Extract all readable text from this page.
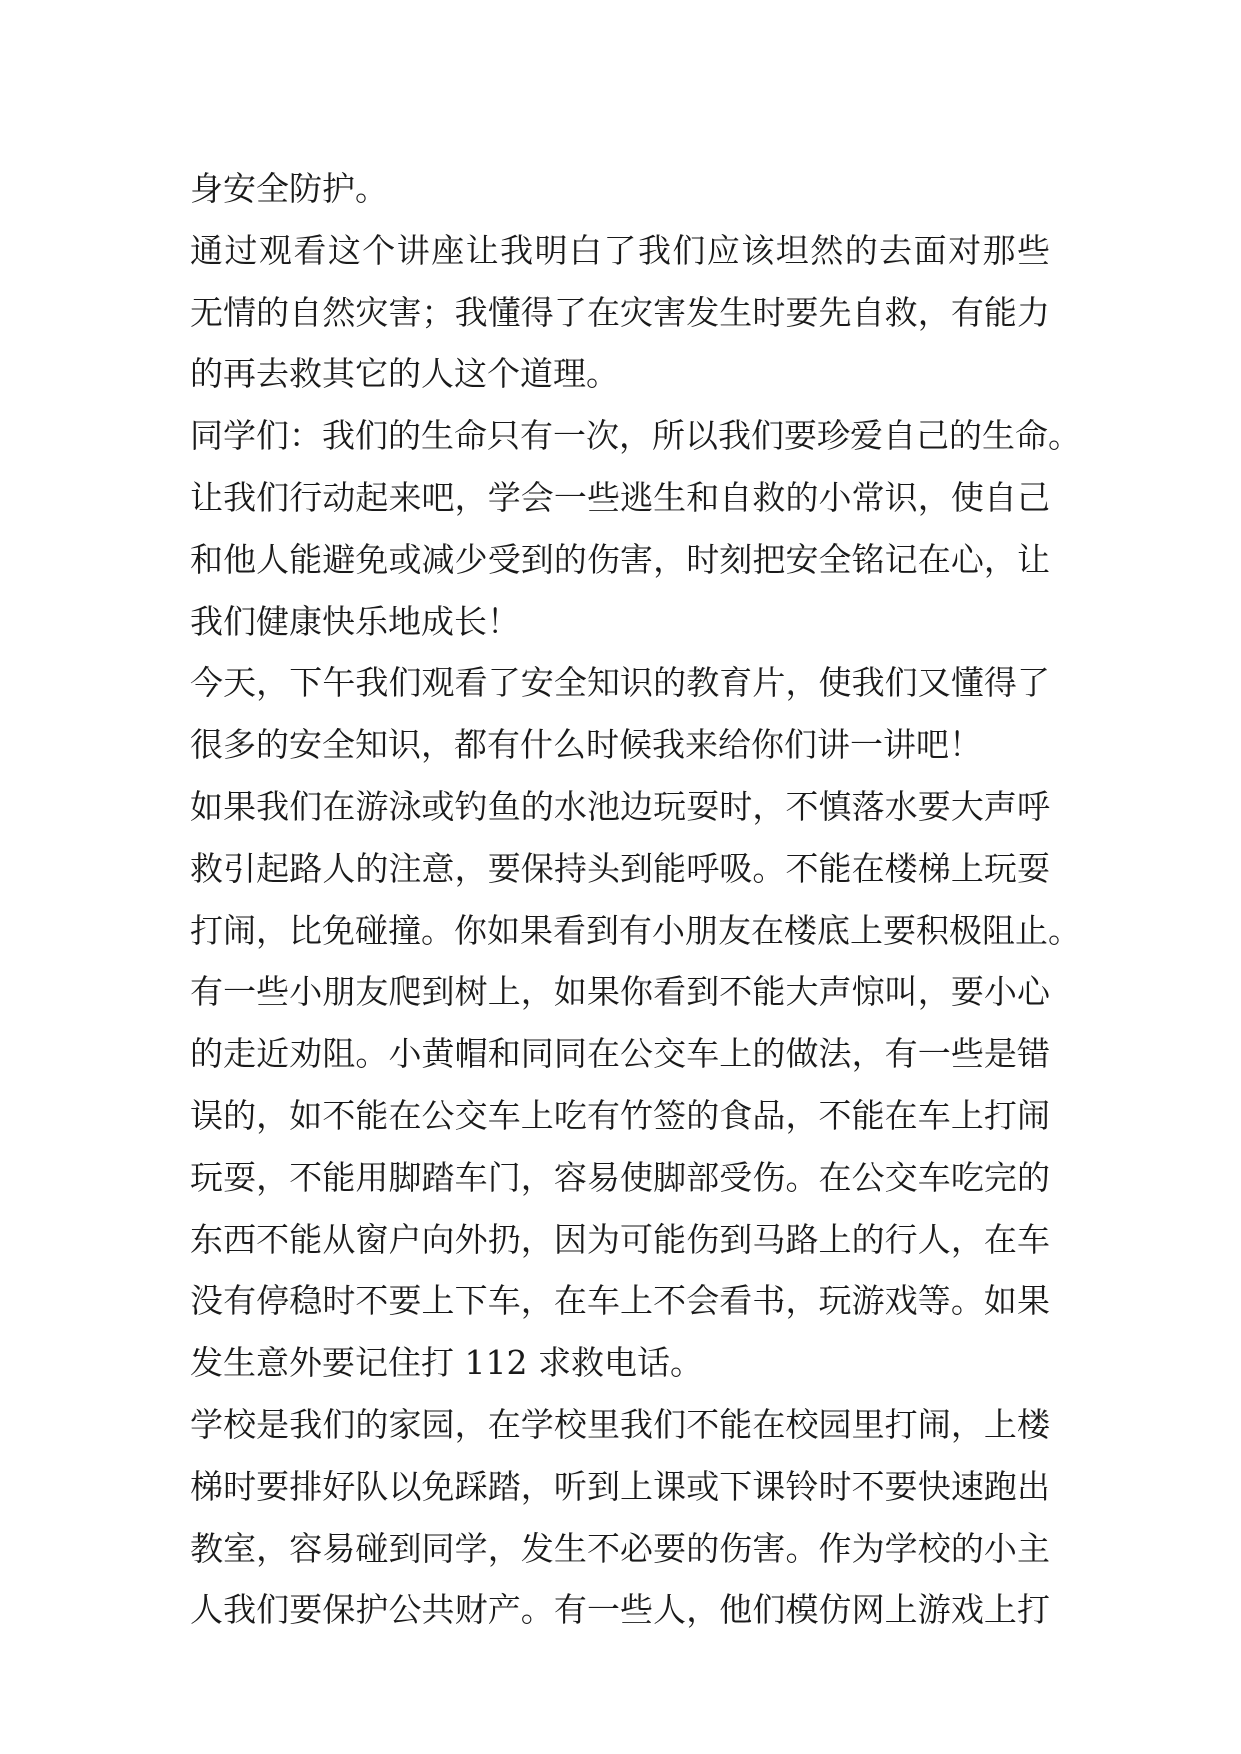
身安全防护。
通过观看这个讲座让我明白了我们应该坦然的去面对那些
无情的自然灾害；我懂得了在灾害发生时要先自救，有能力
的再去救其它的人这个道理。
同学们：我们的生命只有一次，所以我们要珍爱自己的生命。
让我们行动起来吧，学会一些逃生和自救的小常识，使自己
和他人能避免或减少受到的伤害，时刻把安全铭记在心，让
我们健康快乐地成长！
今天，下午我们观看了安全知识的教育片，使我们又懂得了
很多的安全知识，都有什么时候我来给你们讲一讲吧！
如果我们在游泳或钓鱼的水池边玩耍时，不慎落水要大声呼
救引起路人的注意，要保持头到能呼吸。不能在楼梯上玩耍
打闹，比免碰撞。你如果看到有小朋友在楼底上要积极阻止。
有一些小朋友爬到树上，如果你看到不能大声惊叫，要小心
的走近劝阻。小黄帽和同同在公交车上的做法，有一些是错
误的，如不能在公交车上吃有竹签的食品，不能在车上打闹
玩耍，不能用脚踏车门，容易使脚部受伤。在公交车吃完的
东西不能从窗户向外扔，因为可能伤到马路上的行人，在车
没有停稳时不要上下车，在车上不会看书，玩游戏等。如果
发生意外要记住打 112 求救电话。
学校是我们的家园，在学校里我们不能在校园里打闹，上楼
梯时要排好队以免踩踏，听到上课或下课铃时不要快速跑出
教室，容易碰到同学，发生不必要的伤害。作为学校的小主
人我们要保护公共财产。有一些人，他们模仿网上游戏上打
